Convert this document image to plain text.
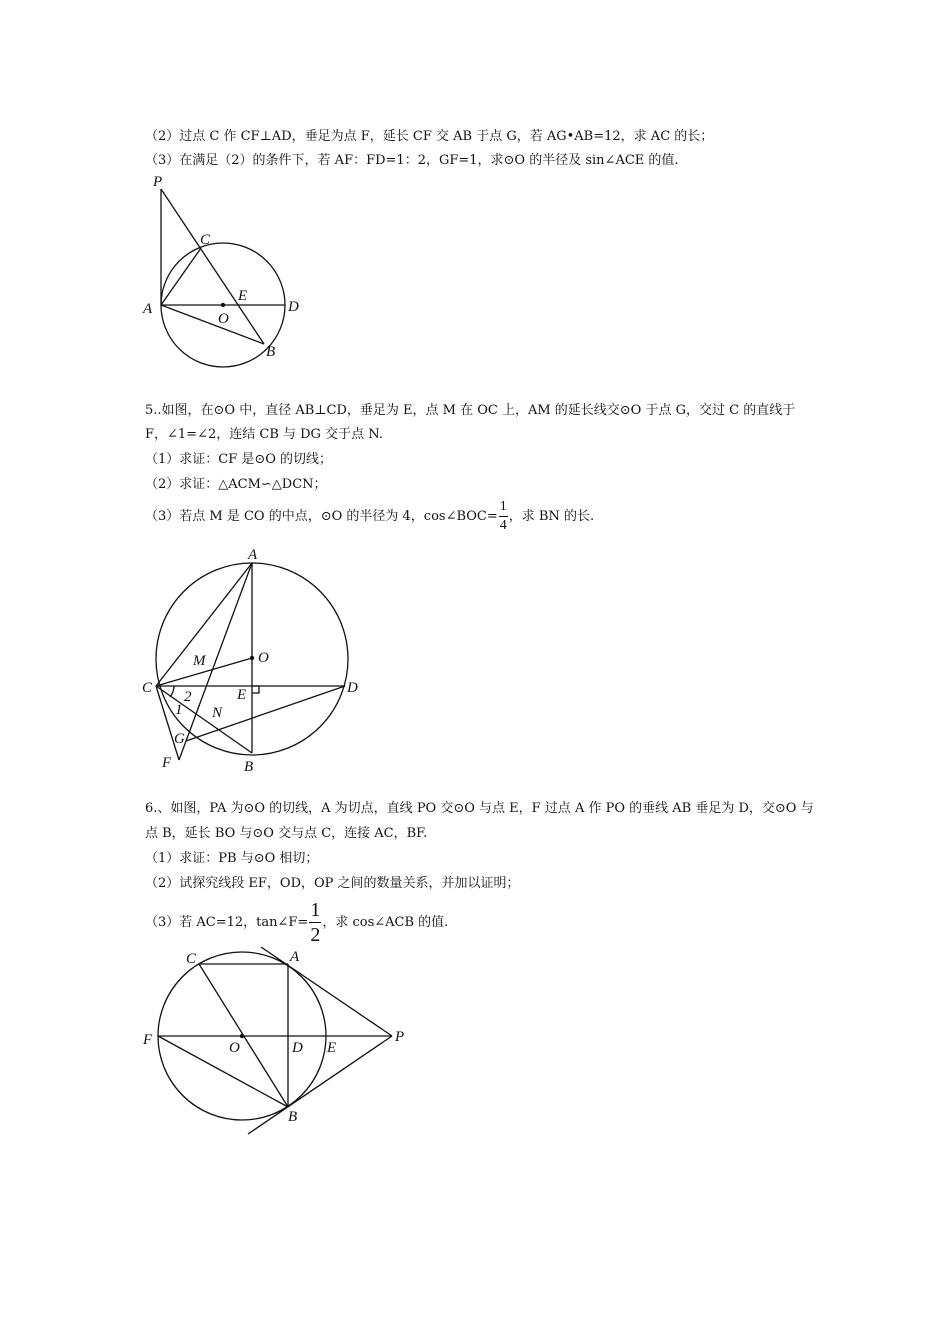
（2）过点 C 作 CF⊥AD，垂足为点 F，延长 CF 交 AB 于点 G，若 AG•AB=12，求 AC 的长；
（3）在满足（2）的条件下，若 AF：FD=1：2，GF=1，求⊙O 的半径及 sin∠ACE 的值.
P
C
A
E
O
D
B
5..如图，在⊙O 中，直径 AB⊥CD，垂足为 E，点 M 在 OC 上，AM 的延长线交⊙O 于点 G，交过 C 的直线于
F，∠1=∠2，连结 CB 与 DG 交于点 N.
（1）求证：CF 是⊙O 的切线；
（2）求证：△ACM∽△DCN；
（3）若点 M 是 CO 的中点，⊙O 的半径为 4，cos∠BOC= $\frac{1}{4}$ ，求 BN 的长.
A
M	O
C
2	E	D
1 N
G
F	B
6.、如图，PA 为⊙O 的切线，A 为切点，直线 PO 交⊙O 与点 E，F 过点 A 作 PO 的垂线 AB 垂足为 D，交⊙O 与
点 B，延长 BO 与⊙O 交与点 C，连接 AC，BF.
（1）求证：PB 与⊙O 相切；
（2）试探究线段 EF，OD，OP 之间的数量关系，并加以证明；
（3）若 AC=12，tan∠F= $\frac{1}{2}$ ，求 cos∠ACB 的值.
C	A
F	O	D E
P
B
